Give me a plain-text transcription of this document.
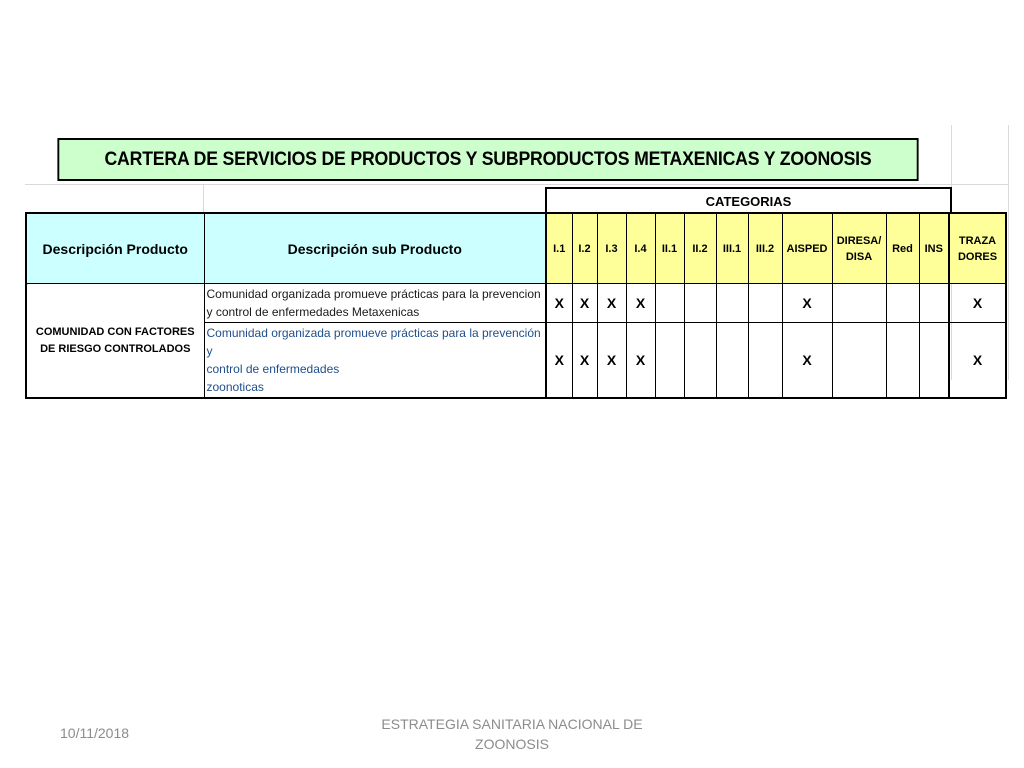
CARTERA DE SERVICIOS DE PRODUCTOS Y SUBPRODUCTOS METAXENICAS Y ZOONOSIS
CATEGORIAS
Descripción Producto	Descripción sub Producto	I.1	I.2	I.3	I.4	II.1	II.2	III.1	III.2	AISPED	DIRESA/ DISA	Red	INS	TRAZA DORES
COMUNIDAD CON FACTORES DE RIESGO CONTROLADOS	Comunidad organizada promueve prácticas para la prevencion y control de enfermedades Metaxenicas	X	X	X	X					X				X
	Comunidad organizada promueve prácticas para la prevención y
control de enfermedades
zoonoticas	X	X	X	X					X				X
10/11/2018
ESTRATEGIA SANITARIA NACIONAL DE
ZOONOSIS
